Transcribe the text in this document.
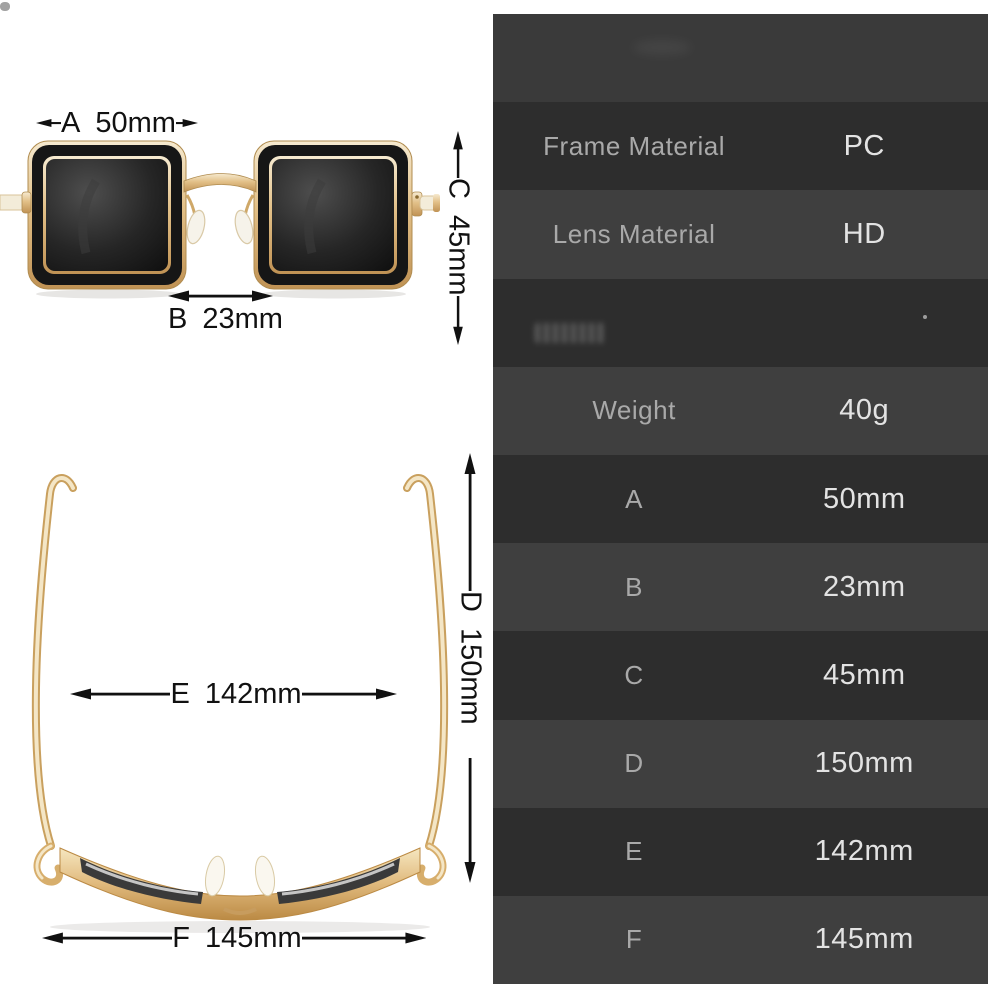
A 50mm
C
45mm
B 23mm
E 142mm
D
150mm
F 145mm
Frame Material	PC
Lens Material	HD
Weight	40g
A	50mm
B	23mm
C	45mm
D	150mm
E	142mm
F	145mm
